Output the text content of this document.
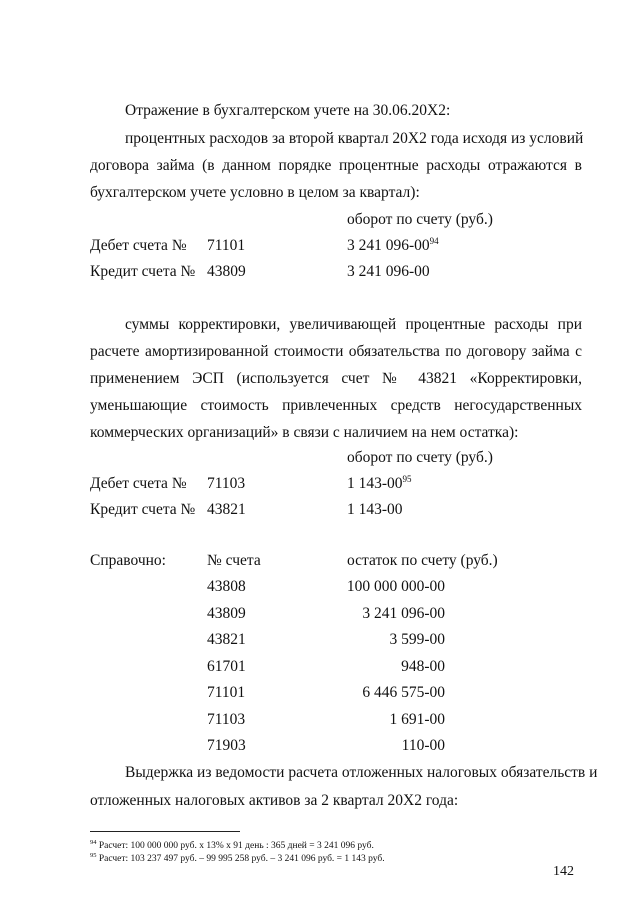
Отражение в бухгалтерском учете на 30.06.20Х2:
процентных расходов за второй квартал 20Х2 года исходя из условий
договора займа (в данном порядке процентные расходы отражаются в
бухгалтерском учете условно в целом за квартал):
оборот по счету (руб.)
Дебет счета № 71101	3 241 $096-00^{94}$
Кредит счета № 43809	3 241 096-00
суммы корректировки, увеличивающей процентные расходы при
расчете амортизированной стоимости обязательства по договору займа с
применением ЭСП (используется счет № 43821 «Корректировки,
уменьшающие стоимость привлеченных средств негосударственных
коммерческих организаций» в связи с наличием на нем остатка):
оборот по счету (руб.)
Дебет счета № 71103	1 $143-00^{95}$
Кредит счета № 43821	1 143-00
Справочно:	№ счета	остаток по счету (руб.)
43808	100 000 000-00
43809	3 241 096-00
43821	3 599-00
61701	948-00
71101	6 446 575-00
71103	1 691-00
71903	110-00
Выдержка из ведомости расчета отложенных налоговых обязательств и
отложенных налоговых активов за 2 квартал 20Х2 года:
$^{94}$ Расчет: 100 000 000 руб. х 13% х 91 день : 365 дней = 3 241 096 руб.
$^{95}$ Расчет: 103 237 497 руб. – 99 995 258 руб. – 3 241 096 руб. = 1 143 руб.
142
